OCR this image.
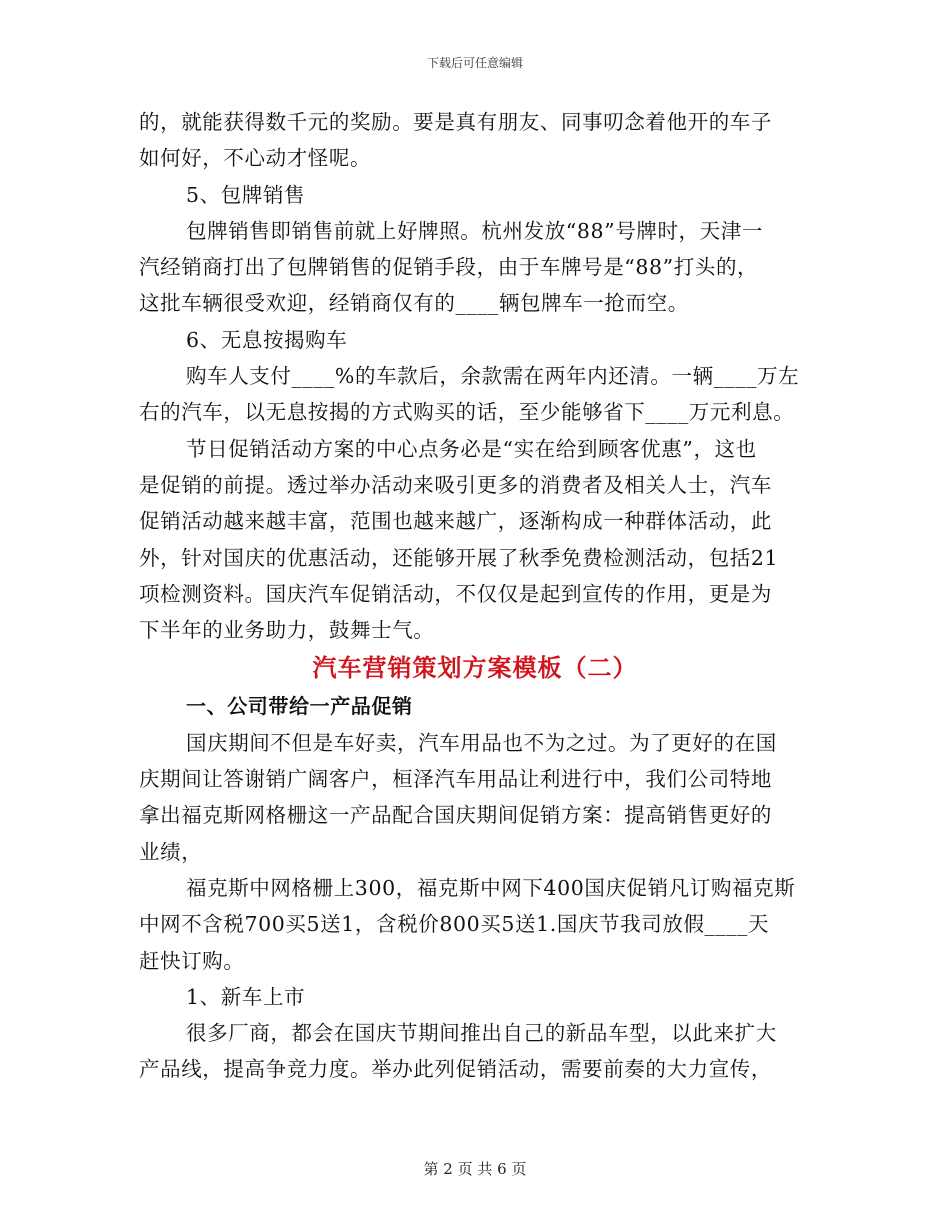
下载后可任意编辑

的，就能获得数千元的奖励。要是真有朋友、同事叨念着他开的车子

如何好，不心动才怪呢。

5、包牌销售

包牌销售即销售前就上好牌照。杭州发放“88”号牌时，天津一

汽经销商打出了包牌销售的促销手段，由于车牌号是“88”打头的，

这批车辆很受欢迎，经销商仅有的____辆包牌车一抢而空。

6、无息按揭购车

购车人支付____%的车款后，余款需在两年内还清。一辆____万左

右的汽车，以无息按揭的方式购买的话，至少能够省下____万元利息。

节日促销活动方案的中心点务必是“实在给到顾客优惠”，这也

是促销的前提。透过举办活动来吸引更多的消费者及相关人士，汽车

促销活动越来越丰富，范围也越来越广，逐渐构成一种群体活动，此

外，针对国庆的优惠活动，还能够开展了秋季免费检测活动，包括21

项检测资料。国庆汽车促销活动，不仅仅是起到宣传的作用，更是为

下半年的业务助力，鼓舞士气。

汽车营销策划方案模板（二）

一、公司带给一产品促销

国庆期间不但是车好卖，汽车用品也不为之过。为了更好的在国

庆期间让答谢销广阔客户，桓泽汽车用品让利进行中，我们公司特地

拿出福克斯网格栅这一产品配合国庆期间促销方案：提高销售更好的

业绩，

福克斯中网格栅上300，福克斯中网下400国庆促销凡订购福克斯

中网不含税700买5送1，含税价800买5送1.国庆节我司放假____天

赶快订购。

1、新车上市

很多厂商，都会在国庆节期间推出自己的新品车型，以此来扩大

产品线，提高争竞力度。举办此列促销活动，需要前奏的大力宣传，

第 2 页 共 6 页
